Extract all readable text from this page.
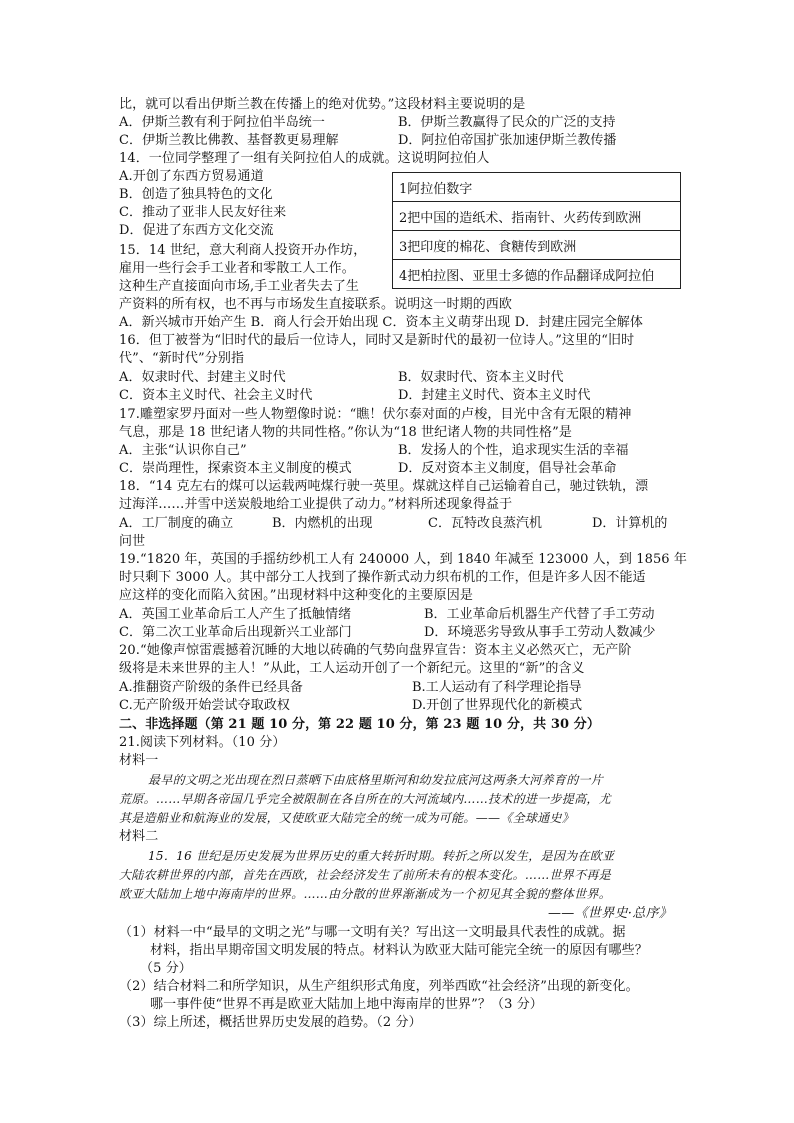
比，就可以看出伊斯兰教在传播上的绝对优势。”这段材料主要说明的是
A．伊斯兰教有利于阿拉伯半岛统一	B．伊斯兰教赢得了民众的广泛的支持
C．伊斯兰教比佛教、基督教更易理解	D．阿拉伯帝国扩张加速伊斯兰教传播
14．一位同学整理了一组有关阿拉伯人的成就。这说明阿拉伯人
A.开创了东西方贸易通道
B．创造了独具特色的文化
C．推动了亚非人民友好往来
D．促进了东西方文化交流
1阿拉伯数字
2把中国的造纸术、指南针、火药传到欧洲
3把印度的棉花、食糖传到欧洲
4把柏拉图、亚里士多德的作品翻译成阿拉伯
15．14 世纪，意大利商人投资开办作坊，
雇用一些行会手工业者和零散工人工作。
这种生产直接面向市场,手工业者失去了生
产资料的所有权，也不再与市场发生直接联系。说明这一时期的西欧
A．新兴城市开始产生 B．商人行会开始出现 C．资本主义萌芽出现 D．封建庄园完全解体
16．但丁被誉为“旧时代的最后一位诗人，同时又是新时代的最初一位诗人。”这里的“旧时
代”、“新时代”分别指
A．奴隶时代、封建主义时代	B．奴隶时代、资本主义时代
C．资本主义时代、社会主义时代	D．封建主义时代、资本主义时代
17.雕塑家罗丹面对一些人物塑像时说：“瞧！伏尔泰对面的卢梭，目光中含有无限的精神
气息，那是 18 世纪诸人物的共同性格。”你认为“18 世纪诸人物的共同性格”是
A．主张“认识你自己”	B．发扬人的个性，追求现实生活的幸福
C．崇尚理性，探索资本主义制度的模式	D．反对资本主义制度，倡导社会革命
18．“14 克左右的煤可以运载两吨煤行驶一英里。煤就这样自己运输着自己，驰过铁轨，漂
过海洋……并雪中送炭般地给工业提供了动力。”材料所述现象得益于
A．工厂制度的确立	B．内燃机的出现	C．瓦特改良蒸汽机	D．计算机的
问世
19.“1820 年，英国的手摇纺纱机工人有 240000 人，到 1840 年减至 123000 人，到 1856 年
时只剩下 3000 人。其中部分工人找到了操作新式动力织布机的工作，但是许多人因不能适
应这样的变化而陷入贫困。”出现材料中这种变化的主要原因是
A．英国工业革命后工人产生了抵触情绪	B．工业革命后机器生产代替了手工劳动
C．第二次工业革命后出现新兴工业部门	D．环境恶劣导致从事手工劳动人数减少
20.“她像声惊雷震撼着沉睡的大地以砖确的气势向盘界宣告：资本主义必然灭亡，无产阶
级将是未来世界的主人！”从此，工人运动开创了一个新纪元。这里的“新”的含义
A.推翻资产阶级的条件已经具备	B.工人运动有了科学理论指导
C.无产阶级开始尝试夺取政权	D.开创了世界现代化的新模式
二、非选择题（第 21 题 10 分，第 22 题 10 分，第 23 题 10 分，共 30 分）
21.阅读下列材料。（10 分）
材料一
最早的文明之光出现在烈日蒸晒下由底格里斯河和幼发拉底河这两条大河养育的一片
荒原。……早期各帝国几乎完全被限制在各自所在的大河流域内……技术的进一步提高，尤
其是造船业和航海业的发展，又使欧亚大陆完全的统一成为可能。——《全球通史》
材料二
15．16 世纪是历史发展为世界历史的重大转折时期。转折之所以发生，是因为在欧亚
大陆农耕世界的内部，首先在西欧，社会经济发生了前所未有的根本变化。……世界不再是
欧亚大陆加上地中海南岸的世界。……由分散的世界渐渐成为一个初见其全貌的整体世界。
——《世界史·总序》
（1）材料一中“最早的文明之光”与哪一文明有关？写出这一文明最具代表性的成就。据
材料，指出早期帝国文明发展的特点。材料认为欧亚大陆可能完全统一的原因有哪些？
（5 分）
（2）结合材料二和所学知识，从生产组织形式角度，列举西欧“社会经济”出现的新变化。
哪一事件使“世界不再是欧亚大陆加上地中海南岸的世界”？（3 分）
（3）综上所述，概括世界历史发展的趋势。（2 分）
